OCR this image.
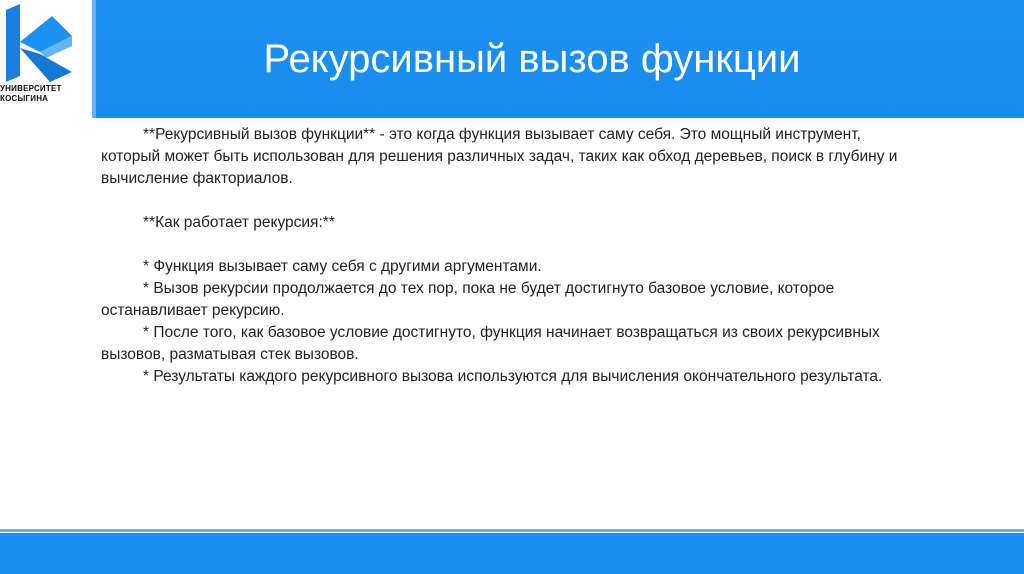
УНИВЕРСИТЕТ
КОСЫГИНА
Рекурсивный вызов функции

**Рекурсивный вызов функции** - это когда функция вызывает саму себя. Это мощный инструмент,
который может быть использован для решения различных задач, таких как обход деревьев, поиск в глубину и
вычисление факториалов.

**Как работает рекурсия:**

* Функция вызывает саму себя с другими аргументами.

* Вызов рекурсии продолжается до тех пор, пока не будет достигнуто базовое условие, которое
останавливает рекурсию.

* После того, как базовое условие достигнуто, функция начинает возвращаться из своих рекурсивных
вызовов, разматывая стек вызовов.

* Результаты каждого рекурсивного вызова используются для вычисления окончательного результата.
